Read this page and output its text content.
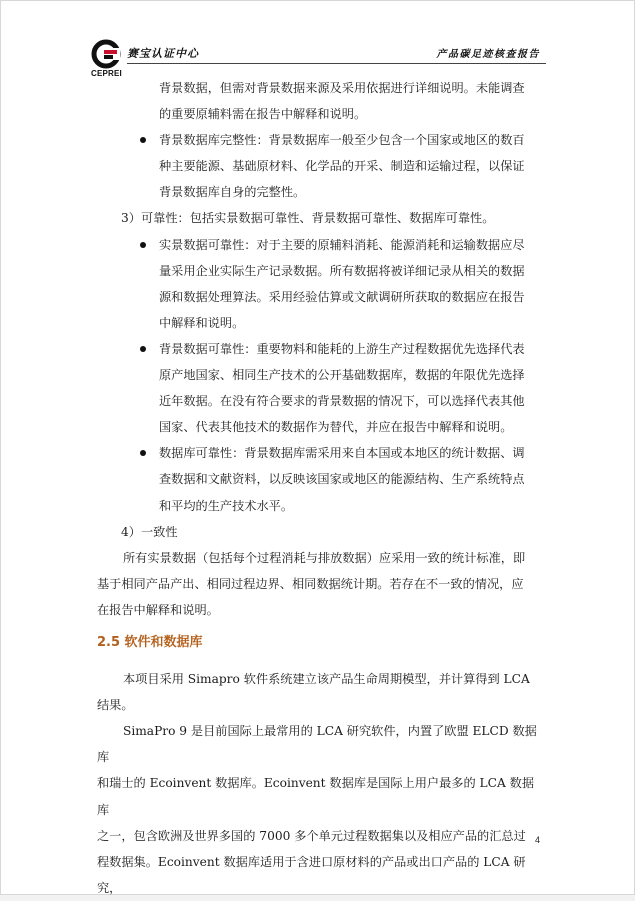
CEPREI
赛宝认证中心	产品碳足迹核查报告

背景数据，但需对背景数据来源及采用依据进行详细说明。未能调查

的重要原辅料需在报告中解释和说明。

背景数据库完整性：背景数据库一般至少包含一个国家或地区的数百

种主要能源、基础原材料、化学品的开采、制造和运输过程，以保证

背景数据库自身的完整性。

3）可靠性：包括实景数据可靠性、背景数据可靠性、数据库可靠性。

实景数据可靠性：对于主要的原辅料消耗、能源消耗和运输数据应尽

量采用企业实际生产记录数据。所有数据将被详细记录从相关的数据

源和数据处理算法。采用经验估算或文献调研所获取的数据应在报告

中解释和说明。

背景数据可靠性：重要物料和能耗的上游生产过程数据优先选择代表

原产地国家、相同生产技术的公开基础数据库，数据的年限优先选择

近年数据。在没有符合要求的背景数据的情况下，可以选择代表其他

国家、代表其他技术的数据作为替代，并应在报告中解释和说明。

数据库可靠性：背景数据库需采用来自本国或本地区的统计数据、调

查数据和文献资料，以反映该国家或地区的能源结构、生产系统特点

和平均的生产技术水平。

4）一致性

所有实景数据（包括每个过程消耗与排放数据）应采用一致的统计标准，即

基于相同产品产出、相同过程边界、相同数据统计期。若存在不一致的情况，应

在报告中解释和说明。

2.5 软件和数据库

本项目采用 Simapro 软件系统建立该产品生命周期模型，并计算得到 LCA

结果。

SimaPro 9 是目前国际上最常用的 LCA 研究软件，内置了欧盟 ELCD 数据库

和瑞士的 Ecoinvent 数据库。Ecoinvent 数据库是国际上用户最多的 LCA 数据库

之一，包含欧洲及世界多国的 7000 多个单元过程数据集以及相应产品的汇总过

程数据集。Ecoinvent 数据库适用于含进口原材料的产品或出口产品的 LCA 研究，

4
